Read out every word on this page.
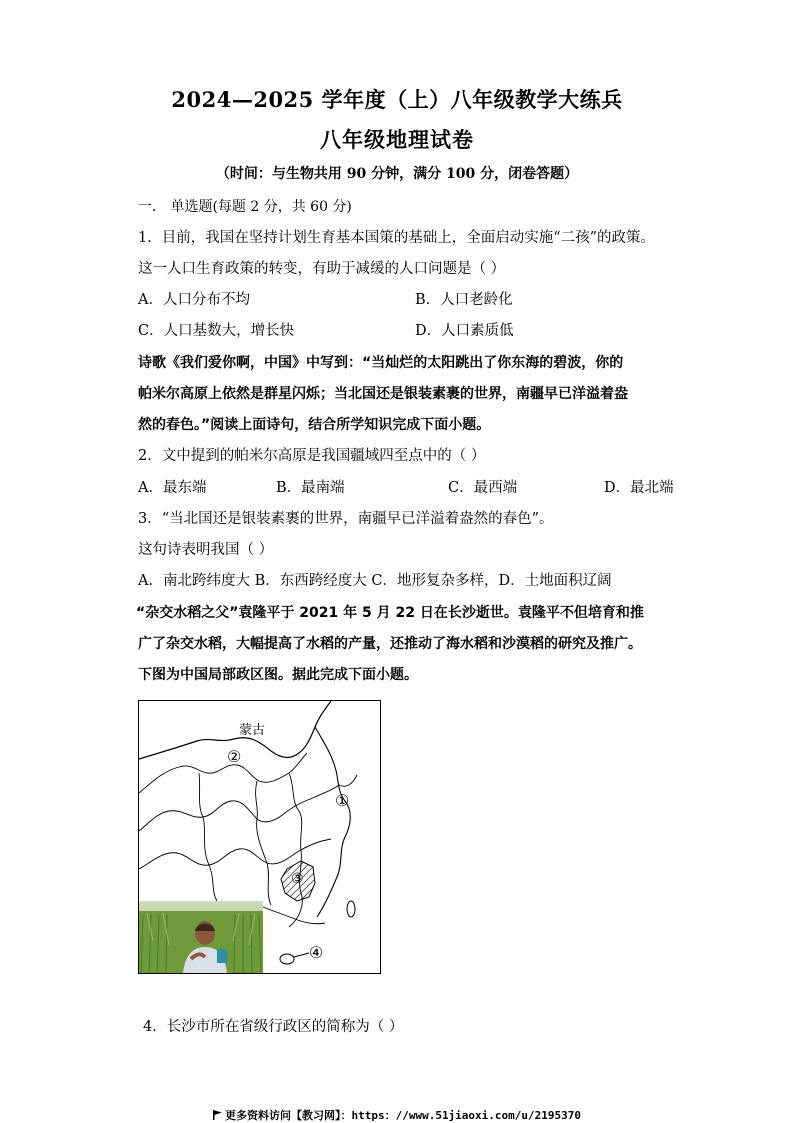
2024—2025 学年度（上）八年级教学大练兵
八年级地理试卷
（时间：与生物共用 90 分钟，满分 100 分，闭卷答题）
一． 单选题(每题 2 分，共 60 分)
1．目前，我国在坚持计划生育基本国策的基础上，全面启动实施“二孩”的政策。
这一人口生育政策的转变，有助于减缓的人口问题是（ ）
A．人口分布不均	B．人口老龄化
C．人口基数大，增长快	D．人口素质低
诗歌《我们爱你啊，中国》中写到：“当灿烂的太阳跳出了你东海的碧波，你的
帕米尔高原上依然是群星闪烁；当北国还是银装素裹的世界，南疆早已洋溢着盎
然的春色。”阅读上面诗句，结合所学知识完成下面小题。
2．文中提到的帕米尔高原是我国疆域四至点中的（ ）
A．最东端	B．最南端	C．最西端	D．最北端
3．“当北国还是银装素裹的世界，南疆早已洋溢着盎然的春色”。
这句诗表明我国（ ）
A．南北跨纬度大 B．东西跨经度大 C．地形复杂多样，D．土地面积辽阔
“杂交水稻之父”袁隆平于 2021 年 5 月 22 日在长沙逝世。袁隆平不但培育和推
广了杂交水稻，大幅提高了水稻的产量，还推动了海水稻和沙漠稻的研究及推广。
下图为中国局部政区图。据此完成下面小题。
蒙古
②
①
③
④
4．长沙市所在省级行政区的简称为（ ）
更多资料访问【教习网】：https：//www.51jiaoxi.com/u/2195370
